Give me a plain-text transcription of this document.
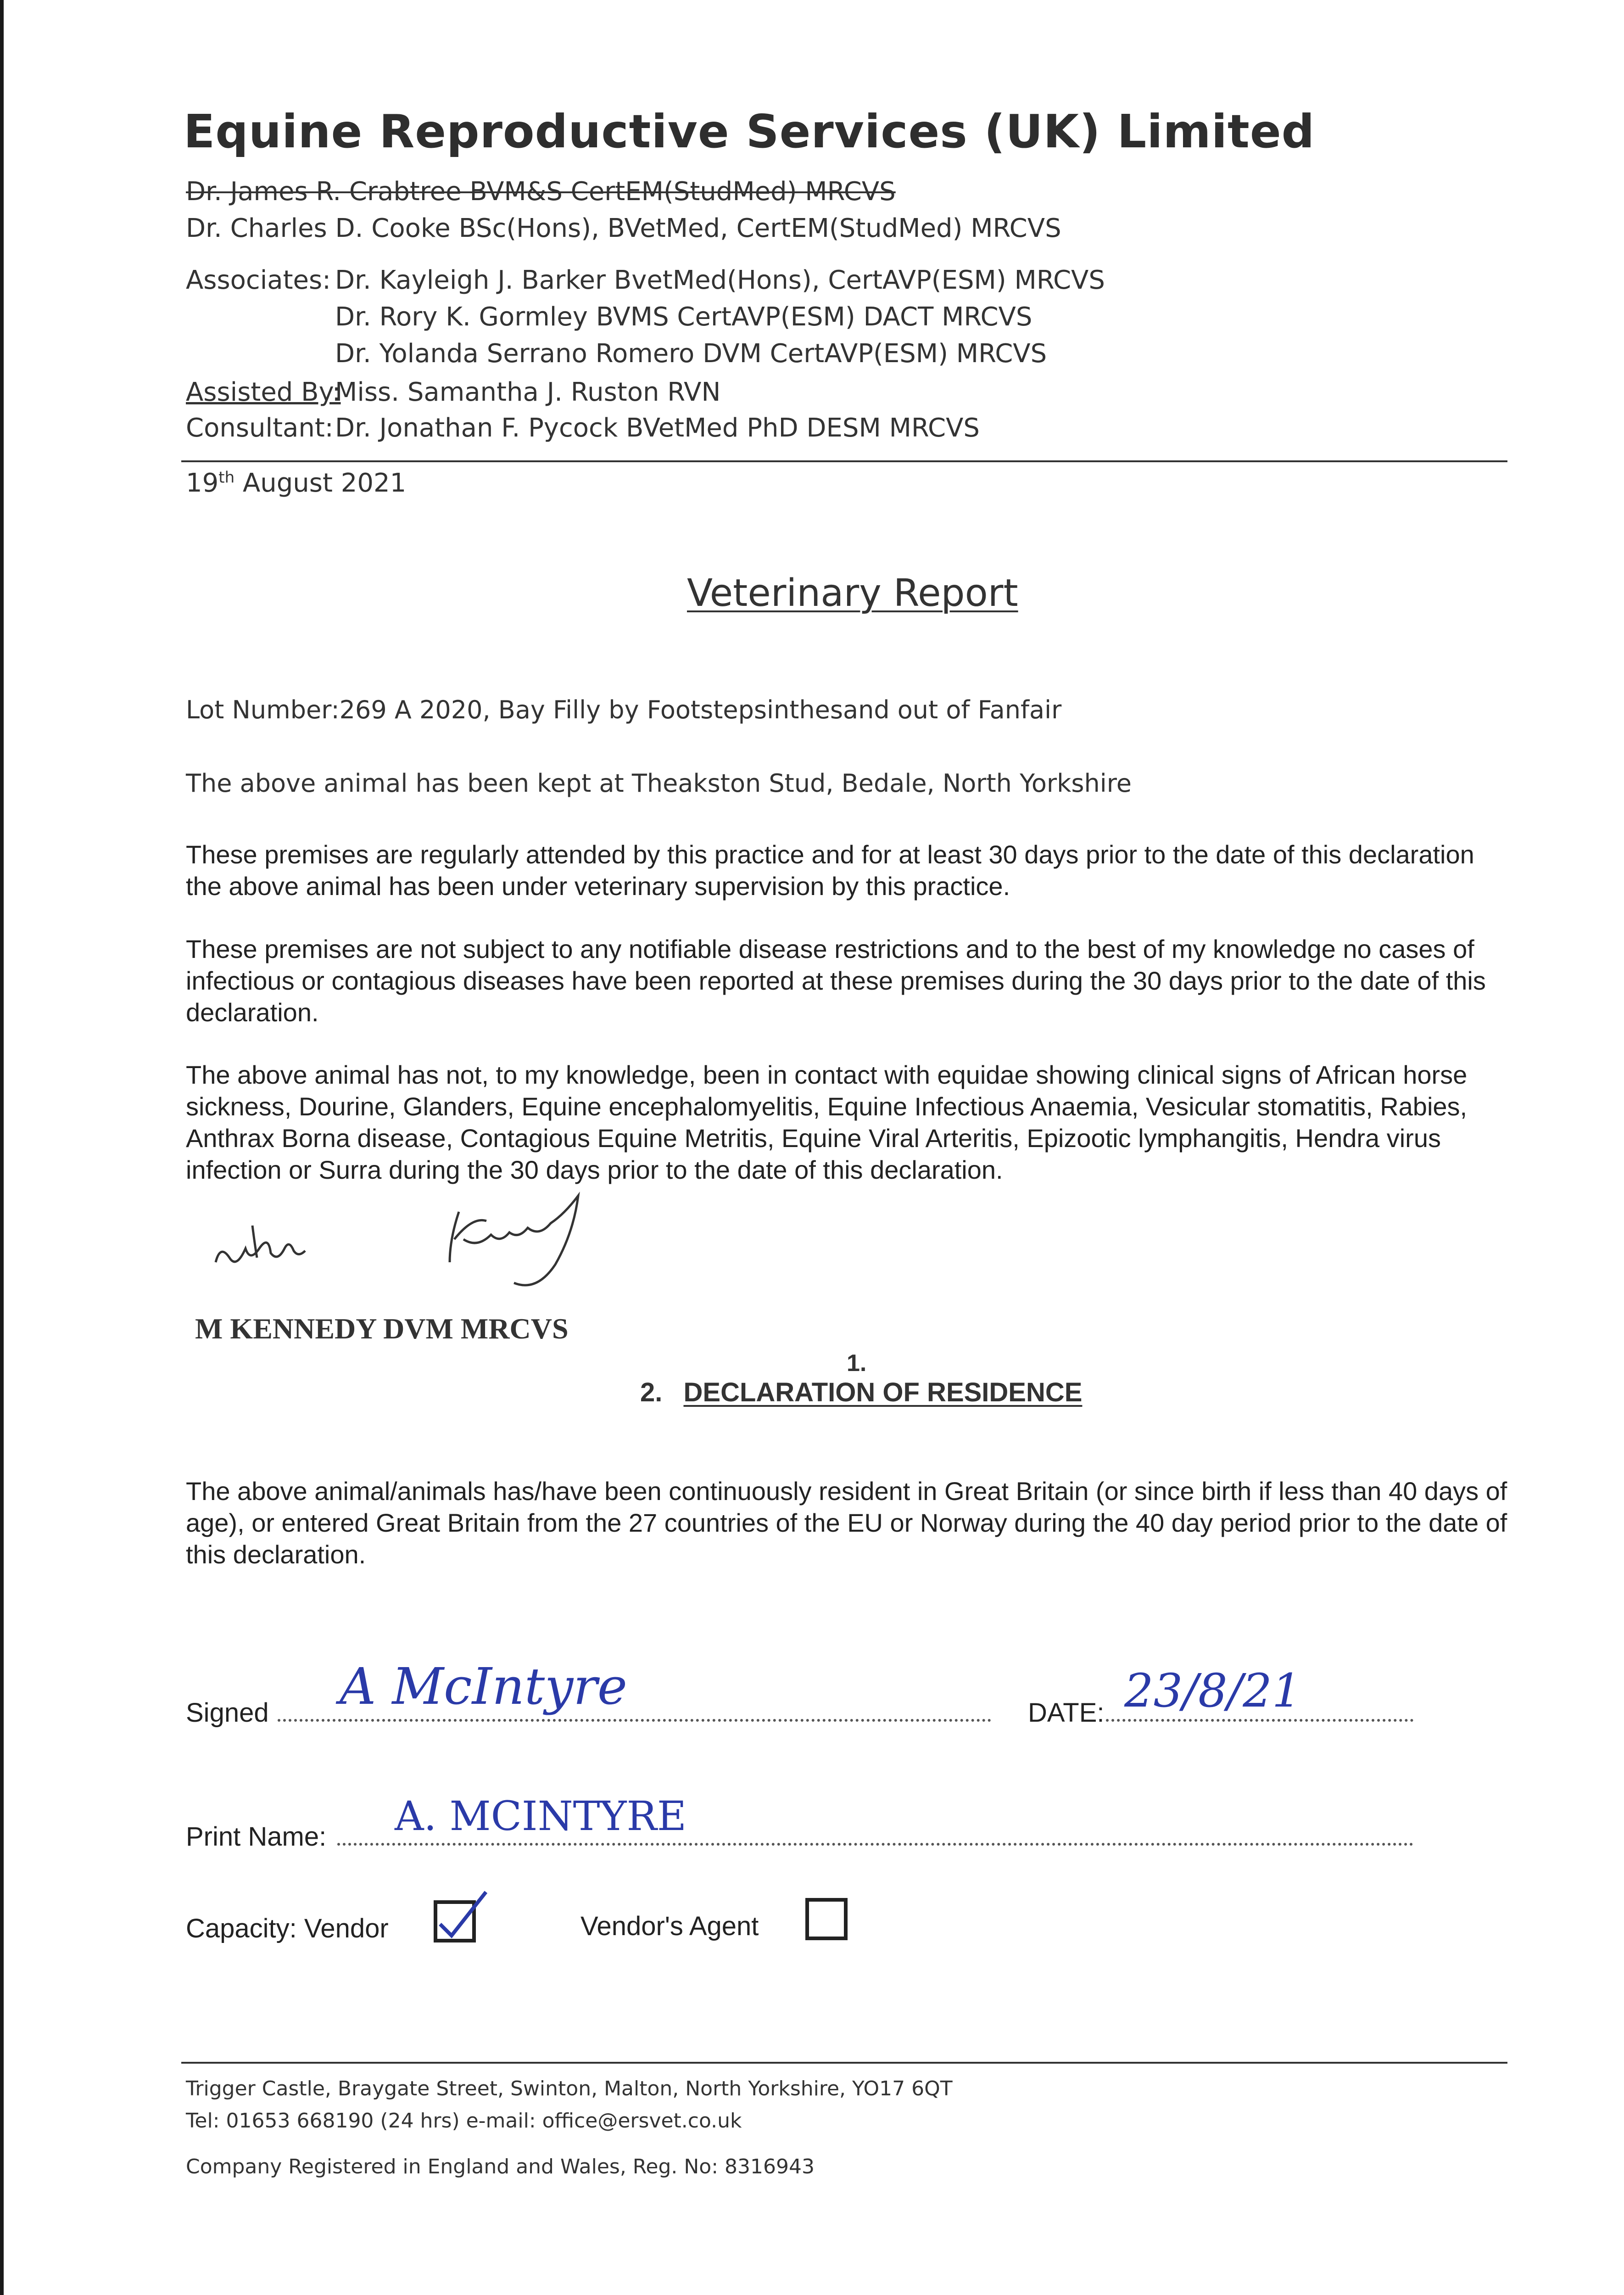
Equine Reproductive Services (UK) Limited
Dr. James R. Crabtree BVM&S CertEM(StudMed) MRCVS
Dr. Charles D. Cooke BSc(Hons), BVetMed, CertEM(StudMed) MRCVS
Associates: Dr. Kayleigh J. Barker BvetMed(Hons), CertAVP(ESM) MRCVS
Dr. Rory K. Gormley BVMS CertAVP(ESM) DACT MRCVS
Dr. Yolanda Serrano Romero DVM CertAVP(ESM) MRCVS
Assisted By:Miss. Samantha J. Ruston RVN
Consultant:Dr. Jonathan F. Pycock BVetMed PhD DESM MRCVS
19th August 2021
Veterinary Report
Lot Number:269 A 2020, Bay Filly by Footstepsinthesand out of Fanfair
The above animal has been kept at Theakston Stud, Bedale, North Yorkshire
These premises are regularly attended by this practice and for at least 30 days prior to the date of this declaration the above animal has been under veterinary supervision by this practice.
These premises are not subject to any notifiable disease restrictions and to the best of my knowledge no cases of infectious or contagious diseases have been reported at these premises during the 30 days prior to the date of this declaration.
The above animal has not, to my knowledge, been in contact with equidae showing clinical signs of African horse sickness, Dourine, Glanders, Equine encephalomyelitis, Equine Infectious Anaemia, Vesicular stomatitis, Rabies, Anthrax Borna disease, Contagious Equine Metritis, Equine Viral Arteritis, Epizootic lymphangitis, Hendra virus infection or Surra during the 30 days prior to the date of this declaration.
M KENNEDY DVM MRCVS
1.
2. DECLARATION OF RESIDENCE
The above animal/animals has/have been continuously resident in Great Britain (or since birth if less than 40 days of age), or entered Great Britain from the 27 countries of the EU or Norway during the 40 day period prior to the date of this declaration.
Signed A McIntyre	DATE: 23/8/21
Print Name: A. MCINTYRE
Capacity: Vendor	Vendor's Agent
Trigger Castle, Braygate Street, Swinton, Malton, North Yorkshire, YO17 6QT
Tel: 01653 668190 (24 hrs) e-mail: office@ersvet.co.uk
Company Registered in England and Wales, Reg. No: 8316943
